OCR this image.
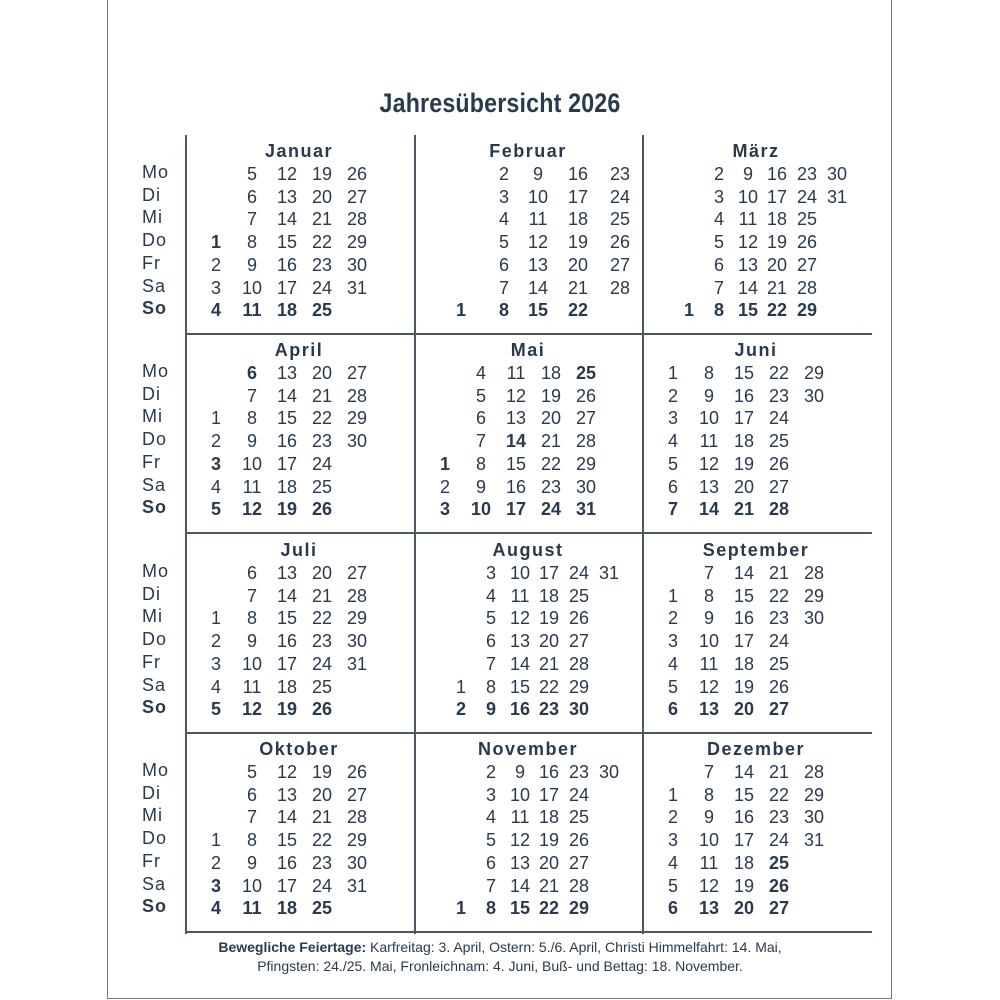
Jahresübersicht 2026
Mo
Di
Mi
Do
Fr
Sa
So
Januar
1
2
3
4
5
6
7
8
9
10
11
12
13
14
15
16
17
18
19
20
21
22
23
24
25
26
27
28
29
30
31
Februar
1
2
3
4
5
6
7
8
9
10
11
12
13
14
15
16
17
18
19
20
21
22
23
24
25
26
27
28
März
1
2
3
4
5
6
7
8
9
10
11
12
13
14
15
16
17
18
19
20
21
22
23
24
25
26
27
28
29
30
31
Mo
Di
Mi
Do
Fr
Sa
So
April
1
2
3
4
5
6
7
8
9
10
11
12
13
14
15
16
17
18
19
20
21
22
23
24
25
26
27
28
29
30
Mai
1
2
3
4
5
6
7
8
9
10
11
12
13
14
15
16
17
18
19
20
21
22
23
24
25
26
27
28
29
30
31
Juni
1
2
3
4
5
6
7
8
9
10
11
12
13
14
15
16
17
18
19
20
21
22
23
24
25
26
27
28
29
30
Mo
Di
Mi
Do
Fr
Sa
So
Juli
1
2
3
4
5
6
7
8
9
10
11
12
13
14
15
16
17
18
19
20
21
22
23
24
25
26
27
28
29
30
31
August
1
2
3
4
5
6
7
8
9
10
11
12
13
14
15
16
17
18
19
20
21
22
23
24
25
26
27
28
29
30
31
September
1
2
3
4
5
6
7
8
9
10
11
12
13
14
15
16
17
18
19
20
21
22
23
24
25
26
27
28
29
30
Mo
Di
Mi
Do
Fr
Sa
So
Oktober
1
2
3
4
5
6
7
8
9
10
11
12
13
14
15
16
17
18
19
20
21
22
23
24
25
26
27
28
29
30
31
November
1
2
3
4
5
6
7
8
9
10
11
12
13
14
15
16
17
18
19
20
21
22
23
24
25
26
27
28
29
30
Dezember
1
2
3
4
5
6
7
8
9
10
11
12
13
14
15
16
17
18
19
20
21
22
23
24
25
26
27
28
29
30
31
Bewegliche Feiertage: Karfreitag: 3. April, Ostern: 5./6. April, Christi Himmelfahrt: 14. Mai,
Pfingsten: 24./25. Mai, Fronleichnam: 4. Juni, Buß- und Bettag: 18. November.
